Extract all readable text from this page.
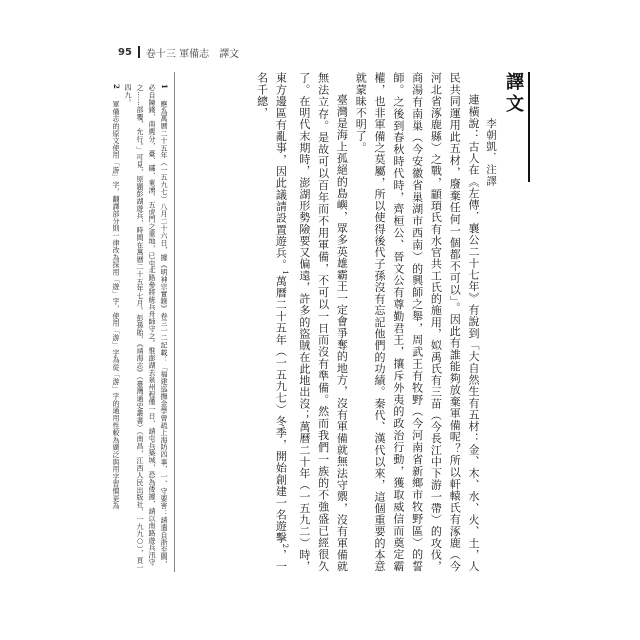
95 卷十三 軍備志　譯文
譯文
李朝凱．注譯

連橫說：古人在《左傳．襄公二十七年》有說到「大自然生有五材：金、木、水、火、土，人民共同運用此五材，廢棄任何一個都不可以」。因此有誰能夠放棄軍備呢？所以軒轅氏有涿鹿（今河北省涿鹿縣）之戰，顓頊氏有水官共工氏的施用，姒禹氏有三苗（今長江中下游一帶）的攻伐，商湯有南巢（今安徽省巢湖市西南）的興師之舉，周武王有牧野（今河南省新鄉市牧野區）的誓師。之後到春秋時代時，齊桓公、晉文公有尊勤君王，攘斥外夷的政治行動，獲取威信而奠定霸權，也非軍備之莫屬，所以使得後代子孫沒有忘記他們的功績。秦代、漢代以來，這個重要的本意就蒙昧不明了。

臺灣是海上孤絕的島嶼，眾多英雄霸王一定會爭奪的地方，沒有軍備就無法守禦，沒有軍備就無法立存。是故可以百年而不用軍備，不可以一日而沒有準備。然而我們一族的不強盛已經很久了。在明代末期時，澎湖形勢險要又偏遠，許多的盜賊在此地出沒；萬曆二十年（一五九二）時，東方邊區有亂事，因此議請設置遊兵。$^1$萬曆二十五年（一五九七）冬季，開始創建一名遊擊$^2$，一名千總，

1　應為萬曆二十五年（一五九七）八月二十六日，據《明神宗實錄》卷三一二記載：「福建巡撫金學曾疏上海防四事，一、守要害：請遣自浙至閩，必自陳錢、南麂分，臺、礵、東湧、五虎門之重地，已屯北路參將統兵舟師守之。惟澎湖去泉州程僅一日，請屯兵築城，恐為倭據，請以南路遊兵汛守之……部覆，允行。」可見，原題彭湖遊兵，時間在萬曆二十五年七月。彭孫貽，《靖海志》（臺灣通史叢書）（南昌，江西人民出版社，一九九○），頁一四九。

2　軍備志的原文使用「游」字，翻譯部分則一律改為採用「遊」字，使用「游」字為從「游」字的通用性較為廣泛與用字習慣更為
